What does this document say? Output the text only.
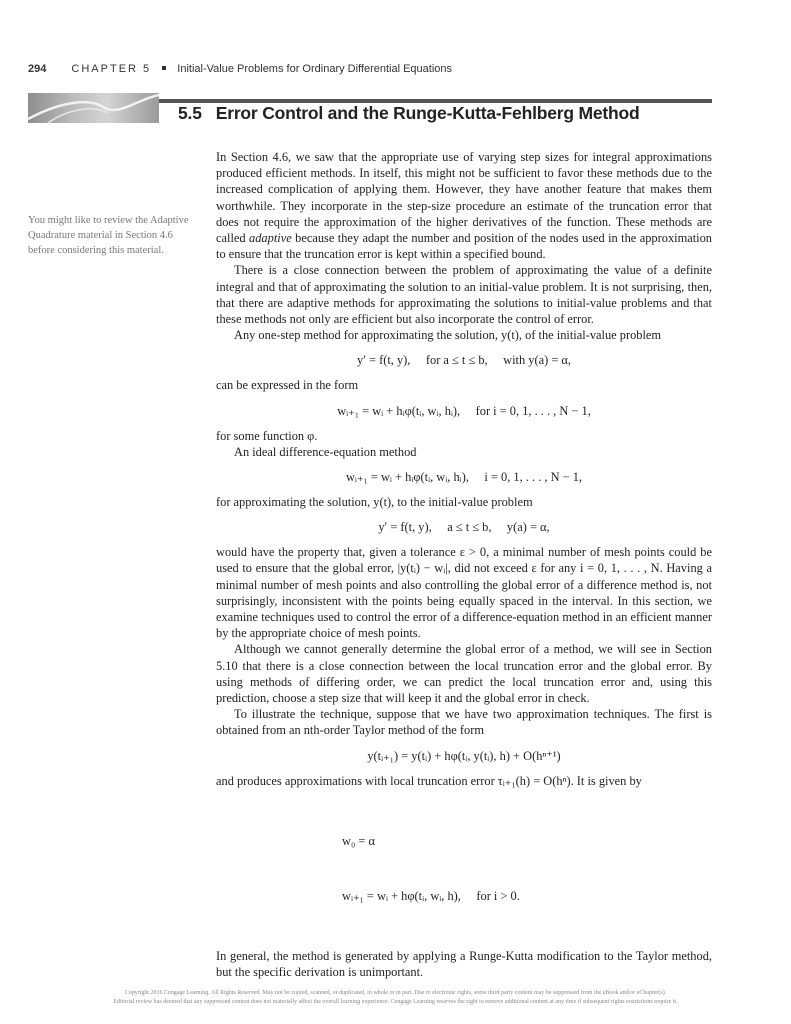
294 CHAPTER 5 Initial-Value Problems for Ordinary Differential Equations
5.5 Error Control and the Runge-Kutta-Fehlberg Method
You might like to review the Adaptive Quadrature material in Section 4.6 before considering this material.

In Section 4.6, we saw that the appropriate use of varying step sizes for integral approximations produced efficient methods. In itself, this might not be sufficient to favor these methods due to the increased complication of applying them. However, they have another feature that makes them worthwhile. They incorporate in the step-size procedure an estimate of the truncation error that does not require the approximation of the higher derivatives of the function. These methods are called adaptive because they adapt the number and position of the nodes used in the approximation to ensure that the truncation error is kept within a specified bound.

There is a close connection between the problem of approximating the value of a definite integral and that of approximating the solution to an initial-value problem. It is not surprising, then, that there are adaptive methods for approximating the solutions to initial-value problems and that these methods not only are efficient but also incorporate the control of error.

Any one-step method for approximating the solution, y(t), of the initial-value problem

y′ = f(t, y),     for a ≤ t ≤ b,     with y(a) = α,

can be expressed in the form

wᵢ₊₁ = wᵢ + hᵢφ(tᵢ, wᵢ, hᵢ),     for i = 0, 1, . . . , N − 1,

for some function φ.

An ideal difference-equation method

wᵢ₊₁ = wᵢ + hᵢφ(tᵢ, wᵢ, hᵢ),     i = 0, 1, . . . , N − 1,

for approximating the solution, y(t), to the initial-value problem

y′ = f(t, y),     a ≤ t ≤ b,     y(a) = α,

would have the property that, given a tolerance ε > 0, a minimal number of mesh points could be used to ensure that the global error, |y(tᵢ) − wᵢ|, did not exceed ε for any i = 0, 1, . . . , N. Having a minimal number of mesh points and also controlling the global error of a difference method is, not surprisingly, inconsistent with the points being equally spaced in the interval. In this section, we examine techniques used to control the error of a difference-equation method in an efficient manner by the appropriate choice of mesh points.

Although we cannot generally determine the global error of a method, we will see in Section 5.10 that there is a close connection between the local truncation error and the global error. By using methods of differing order, we can predict the local truncation error and, using this prediction, choose a step size that will keep it and the global error in check.

To illustrate the technique, suppose that we have two approximation techniques. The first is obtained from an nth-order Taylor method of the form

y(tᵢ₊₁) = y(tᵢ) + hφ(tᵢ, y(tᵢ), h) + O(hⁿ⁺¹)

and produces approximations with local truncation error τᵢ₊₁(h) = O(hⁿ). It is given by

w₀ = α

wᵢ₊₁ = wᵢ + hφ(tᵢ, wᵢ, h),     for i > 0.

In general, the method is generated by applying a Runge-Kutta modification to the Taylor method, but the specific derivation is unimportant.

Copyright 2016 Cengage Learning. All Rights Reserved. May not be copied, scanned, or duplicated, in whole or in part. Due to electronic rights, some third party content may be suppressed from the eBook and/or eChapter(s).
Editorial review has deemed that any suppressed content does not materially affect the overall learning experience. Cengage Learning reserves the right to remove additional content at any time if subsequent rights restrictions require it.
